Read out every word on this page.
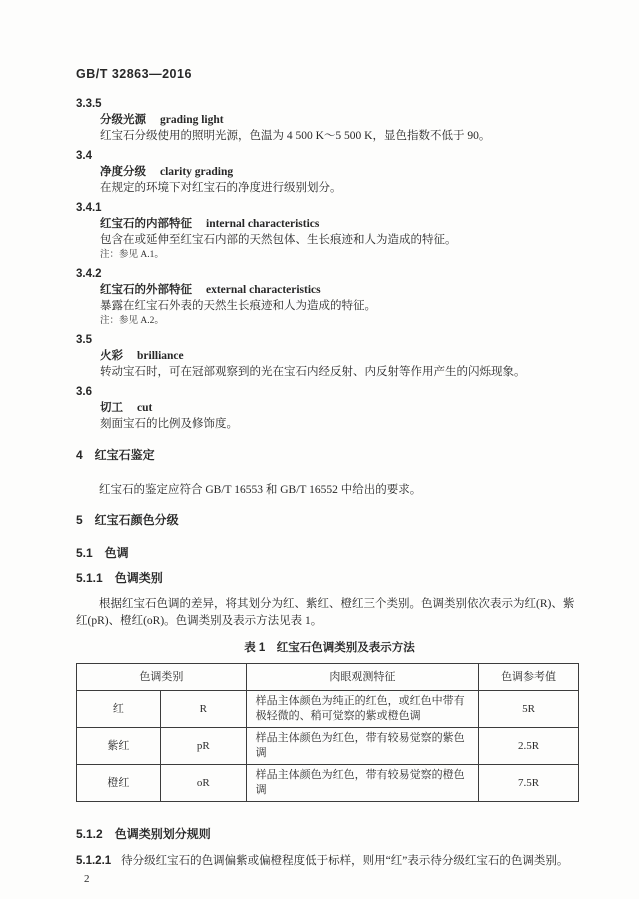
GB/T 32863—2016
3.3.5
分级光源 grading light
红宝石分级使用的照明光源，色温为 4 500 K～5 500 K，显色指数不低于 90。
3.4
净度分级 clarity grading
在规定的环境下对红宝石的净度进行级别划分。
3.4.1
红宝石的内部特征 internal characteristics
包含在或延伸至红宝石内部的天然包体、生长痕迹和人为造成的特征。
注：参见 A.1。
3.4.2
红宝石的外部特征 external characteristics
暴露在红宝石外表的天然生长痕迹和人为造成的特征。
注：参见 A.2。
3.5
火彩 brilliance
转动宝石时，可在冠部观察到的光在宝石内经反射、内反射等作用产生的闪烁现象。
3.6
切工 cut
刻面宝石的比例及修饰度。
4　红宝石鉴定
红宝石的鉴定应符合 GB/T 16553 和 GB/T 16552 中给出的要求。
5　红宝石颜色分级
5.1　色调
5.1.1　色调类别
根据红宝石色调的差异，将其划分为红、紫红、橙红三个类别。色调类别依次表示为红(R)、紫红(pR)、橙红(oR)。色调类别及表示方法见表 1。
表 1　红宝石色调类别及表示方法
色调类别		肉眼观测特征	色调参考值
红	R	样品主体颜色为纯正的红色，或红色中带有极轻微的、稍可觉察的紫或橙色调	5R
紫红	pR	样品主体颜色为红色，带有较易觉察的紫色调	2.5R
橙红	oR	样品主体颜色为红色，带有较易觉察的橙色调	7.5R
5.1.2　色调类别划分规则
5.1.2.1 待分级红宝石的色调偏紫或偏橙程度低于标样，则用“红”表示待分级红宝石的色调类别。
2
